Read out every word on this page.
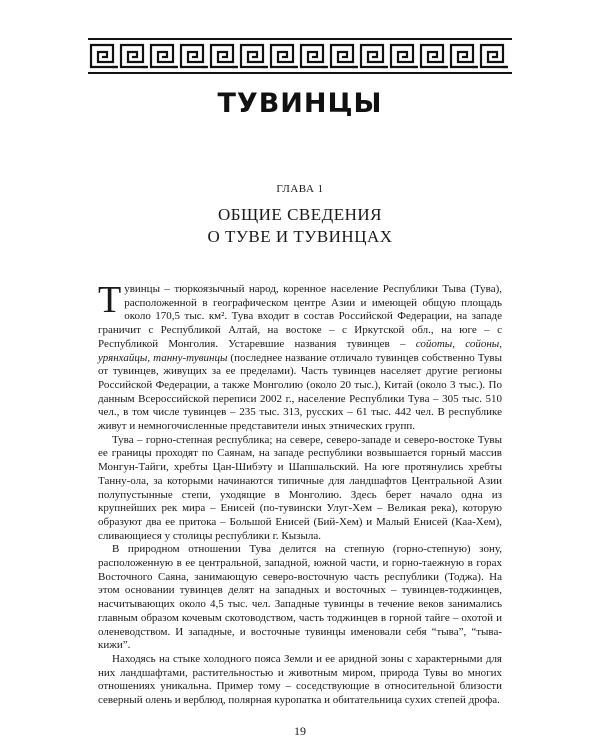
ТУВИНЦЫ
ГЛАВА 1
ОБЩИЕ СВЕДЕНИЯ
О ТУВЕ И ТУВИНЦАХ

Тувинцы – тюркоязычный народ, коренное население Республики Тыва (Тува), расположенной в географическом центре Азии и имеющей общую площадь около 170,5 тыс. км². Тува входит в состав Российской Федерации, на западе граничит с Республикой Алтай, на востоке – с Иркутской обл., на юге – с Республикой Монголия. Устаревшие названия тувинцев – сойоты, сойоны, урянхайцы, танну-тувинцы (последнее название отличало тувинцев собственно Тувы от тувинцев, живущих за ее пределами). Часть тувинцев населяет другие регионы Российской Федерации, а также Монголию (около 20 тыс.), Китай (около 3 тыс.). По данным Всероссийской переписи 2002 г., население Республики Тува – 305 тыс. 510 чел., в том числе тувинцев – 235 тыс. 313, русских – 61 тыс. 442 чел. В республике живут и немногочисленные представители иных этнических групп.

Тува – горно-степная республика; на севере, северо-западе и северо-востоке Тувы ее границы проходят по Саянам, на западе республики возвышается горный массив Монгун-Тайги, хребты Цан-Шибэту и Шапшальский. На юге протянулись хребты Танну-ола, за которыми начинаются типичные для ландшафтов Центральной Азии полупустынные степи, уходящие в Монголию. Здесь берет начало одна из крупнейших рек мира – Енисей (по-тувински Улуг-Хем – Великая река), которую образуют два ее притока – Большой Енисей (Бий-Хем) и Малый Енисей (Каа-Хем), сливающиеся у столицы республики г. Кызыла.

В природном отношении Тува делится на степную (горно-степную) зону, расположенную в ее центральной, западной, южной части, и горно-таежную в горах Восточного Саяна, занимающую северо-восточную часть республики (Тоджа). На этом основании тувинцев делят на западных и восточных – тувинцев-тоджинцев, насчитывающих около 4,5 тыс. чел. Западные тувинцы в течение веков занимались главным образом кочевым скотоводством, часть тоджинцев в горной тайге – охотой и оленеводством. И западные, и восточные тувинцы именовали себя “тыва”, “тыва-кижи”.

Находясь на стыке холодного пояса Земли и ее аридной зоны с характерными для них ландшафтами, растительностью и животным миром, природа Тувы во многих отношениях уникальна. Пример тому – соседствующие в относительной близости северный олень и верблюд, полярная куропатка и обитательница сухих степей дрофа.

19
